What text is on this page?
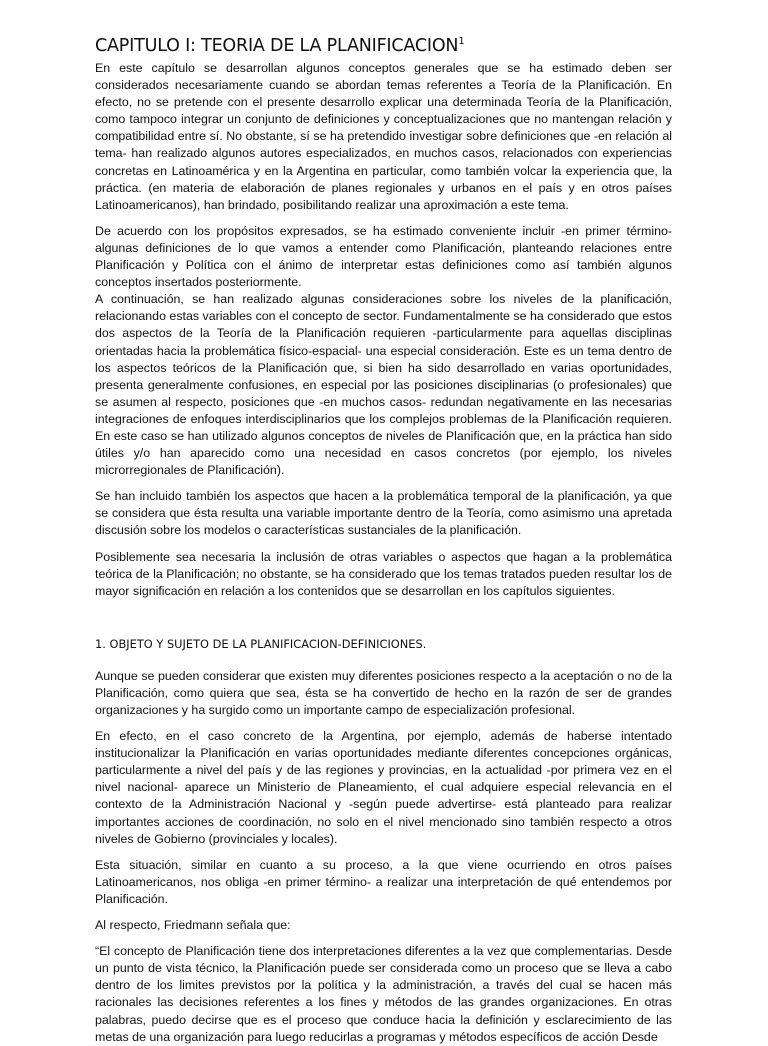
CAPITULO I: TEORIA DE LA PLANIFICACION$^1$

En este capítulo se desarrollan algunos conceptos generales que se ha estimado deben ser considerados necesariamente cuando se abordan temas referentes a Teoría de la Planificación. En efecto, no se pretende con el presente desarrollo explicar una determinada Teoría de la Planificación, como tampoco integrar un conjunto de definiciones y conceptualizaciones que no mantengan relación y compatibilidad entre sí. No obstante, sí se ha pretendido investigar sobre definiciones que -en relación al tema- han realizado algunos autores especializados, en muchos casos, relacionados con experiencias concretas en Latinoamérica y en la Argentina en particular, como también volcar la experiencia que, la práctica. (en materia de elaboración de planes regionales y urbanos en el país y en otros países Latinoamericanos), han brindado, posibilitando realizar una aproximación a este tema.

De acuerdo con los propósitos expresados, se ha estimado conveniente incluir -en primer término- algunas definiciones de lo que vamos a entender como Planificación, planteando relaciones entre Planificación y Política con el ánimo de interpretar estas definiciones como así también algunos conceptos insertados posteriormente.

A continuación, se han realizado algunas consideraciones sobre los niveles de la planificación, relacionando estas variables con el concepto de sector. Fundamentalmente se ha considerado que estos dos aspectos de la Teoría de la Planificación requieren -particularmente para aquellas disciplinas orientadas hacia la problemática físico-espacial- una especial consideración. Este es un tema dentro de los aspectos teóricos de la Planificación que, si bien ha sido desarrollado en varias oportunidades, presenta generalmente confusiones, en especial por las posiciones disciplinarias (o profesionales) que se asumen al respecto, posiciones que -en muchos casos- redundan negativamente en las necesarias integraciones de enfoques interdisciplinarios que los complejos problemas de la Planificación requieren. En este caso se han utilizado algunos conceptos de niveles de Planificación que, en la práctica han sido útiles y/o han aparecido como una necesidad en casos concretos (por ejemplo, los niveles microrregionales de Planificación).

Se han incluido también los aspectos que hacen a la problemática temporal de la planificación, ya que se considera que ésta resulta una variable importante dentro de la Teoría, como asimismo una apretada discusión sobre los modelos o características sustanciales de la planificación.

Posiblemente sea necesaria la inclusión de otras variables o aspectos que hagan a la problemática teórica de la Planificación; no obstante, se ha considerado que los temas tratados pueden resultar los de mayor significación en relación a los contenidos que se desarrollan en los capítulos siguientes.

1. OBJETO Y SUJETO DE LA PLANIFICACION-DEFINICIONES.

Aunque se pueden considerar que existen muy diferentes posiciones respecto a la aceptación o no de la Planificación, como quiera que sea, ésta se ha convertido de hecho en la razón de ser de grandes organizaciones y ha surgido como un importante campo de especialización profesional.

En efecto, en el caso concreto de la Argentina, por ejemplo, además de haberse intentado institucionalizar la Planificación en varias oportunidades mediante diferentes concepciones orgánicas, particularmente a nivel del país y de las regiones y provincias, en la actualidad -por primera vez en el nivel nacional- aparece un Ministerio de Planeamiento, el cual adquiere especial relevancia en el contexto de la Administración Nacional y -según puede advertirse- está planteado para realizar importantes acciones de coordinación, no solo en el nivel mencionado sino también respecto a otros niveles de Gobierno (provinciales y locales).

Esta situación, similar en cuanto a su proceso, a la que viene ocurriendo en otros países Latinoamericanos, nos obliga -en primer término- a realizar una interpretación de qué entendemos por Planificación.

Al respecto, Friedmann señala que:

“El concepto de Planificación tiene dos interpretaciones diferentes a la vez que complementarias. Desde un punto de vista técnico, la Planificación puede ser considerada como un proceso que se lleva a cabo dentro de los limites previstos por la política y la administración, a través del cual se hacen más racionales las decisiones referentes a los fines y métodos de las grandes organizaciones. En otras palabras, puedo decirse que es el proceso que conduce hacia la definición y esclarecimiento de las metas de una organización para luego reducirlas a programas y métodos específicos de acción Desde
